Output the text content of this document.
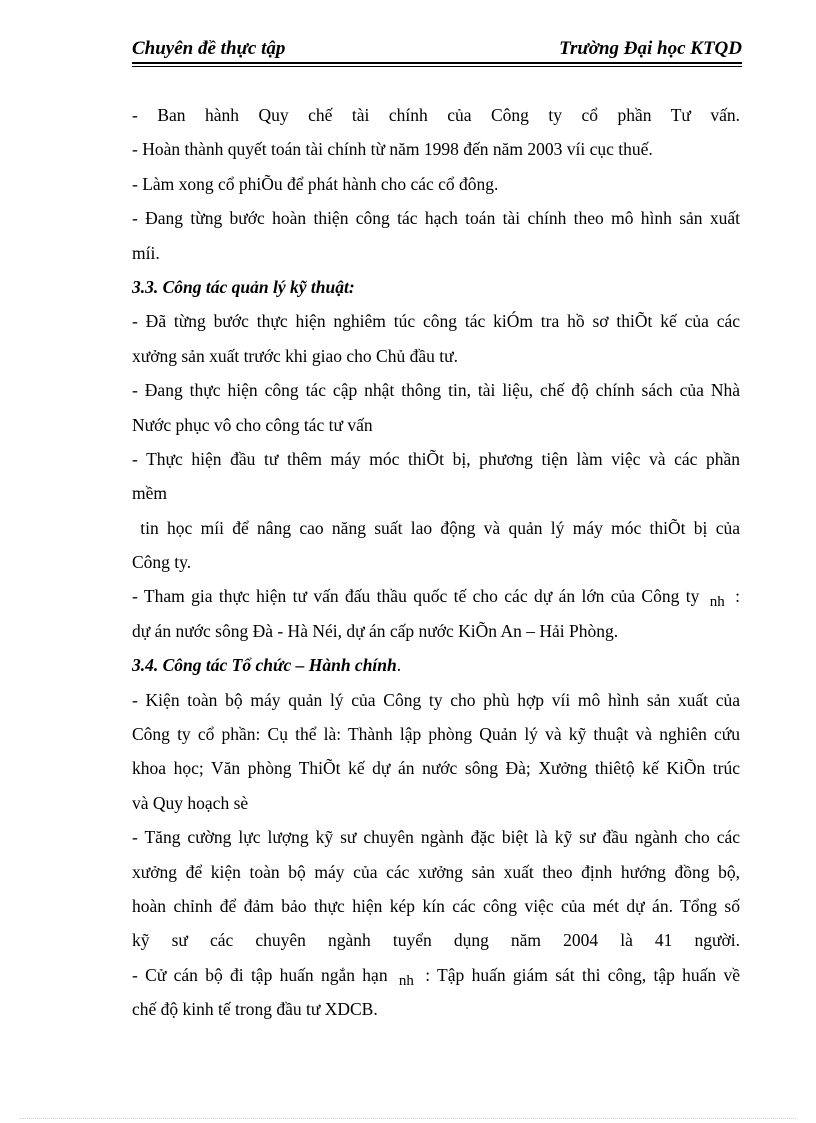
Chuyên đề thực tập	Trường Đại học KTQD
- Ban hành Quy chế tài chính của Công ty cổ phần Tư vấn.
- Hoàn thành quyết toán tài chính từ năm 1998 đến năm 2003 víi cục thuế.
- Làm xong cổ phiÕu để phát hành cho các cổ đông.
- Đang từng bước hoàn thiện công tác hạch toán tài chính theo mô hình sản xuất
míi.
3.3. Công tác quản lý kỹ thuật:
- Đã từng bước thực hiện nghiêm túc công tác kiÓm tra hồ sơ thiÕt kế của các
xưởng sản xuất trước khi giao cho Chủ đầu tư.
- Đang thực hiện công tác cập nhật thông tin, tài liệu, chế độ chính sách của Nhà
Nước phục vô cho công tác tư vấn
- Thực hiện đầu tư thêm máy móc thiÕt bị, phương tiện làm việc và các phần
mềm
tin học míi để nâng cao năng suất lao động và quản lý máy móc thiÕt bị của
Công ty.
- Tham gia thực hiện tư vấn đấu thầu quốc tế cho các dự án lớn của Công ty nh :
dự án nước sông Đà - Hà Néi, dự án cấp nước KiÕn An – Hải Phòng.
3.4. Công tác Tổ chức – Hành chính.
- Kiện toàn bộ máy quản lý của Công ty cho phù hợp víi mô hình sản xuất của
Công ty cổ phần: Cụ thể là: Thành lập phòng Quản lý và kỹ thuật và nghiên cứu
khoa học; Văn phòng ThiÕt kế dự án nước sông Đà; Xưởng thiêtộ kế KiÕn trúc
và Quy hoạch sè
- Tăng cường lực lượng kỹ sư chuyên ngành đặc biệt là kỹ sư đầu ngành cho các
xưởng để kiện toàn bộ máy của các xưởng sản xuất theo định hướng đồng bộ,
hoàn chỉnh để đảm bảo thực hiện kép kín các công việc của mét dự án. Tổng số
kỹ sư các chuyên ngành tuyển dụng năm 2004 là 41 người.
- Cử cán bộ đi tập huấn ngắn hạn nh : Tập huấn giám sát thi công, tập huấn về
chế độ kinh tế trong đầu tư XDCB.
